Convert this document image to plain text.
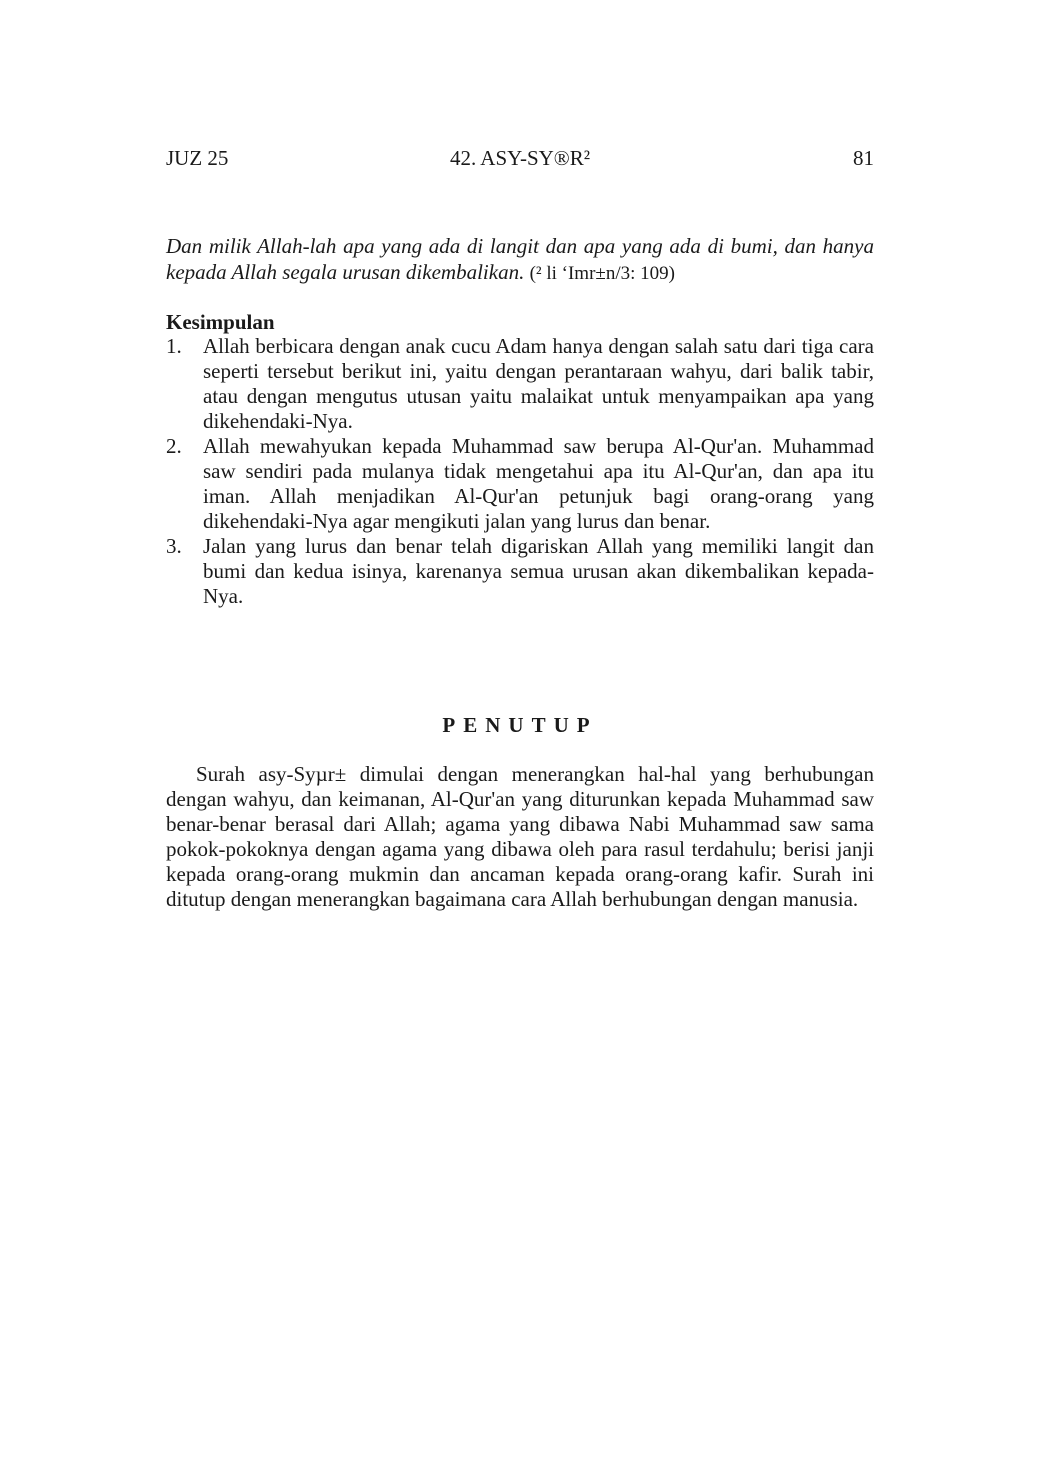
42. ASY-SY®R²
JUZ 25	81
Dan milik Allah-lah apa yang ada di langit dan apa yang ada di bumi, dan hanya kepada Allah segala urusan dikembalikan. (² li ‘Imr±n/3: 109)
Kesimpulan
1. Allah berbicara dengan anak cucu Adam hanya dengan salah satu dari tiga cara seperti tersebut berikut ini, yaitu dengan perantaraan wahyu, dari balik tabir, atau dengan mengutus utusan yaitu malaikat untuk menyampaikan apa yang dikehendaki-Nya.
2. Allah mewahyukan kepada Muhammad saw berupa Al-Qur'an. Muhammad saw sendiri pada mulanya tidak mengetahui apa itu Al-Qur'an, dan apa itu iman. Allah menjadikan Al-Qur'an petunjuk bagi orang-orang yang dikehendaki-Nya agar mengikuti jalan yang lurus dan benar.
3. Jalan yang lurus dan benar telah digariskan Allah yang memiliki langit dan bumi dan kedua isinya, karenanya semua urusan akan dikembalikan kepada-Nya.
PENUTUP

Surah asy-Syµr± dimulai dengan menerangkan hal-hal yang berhubungan dengan wahyu, dan keimanan, Al-Qur'an yang diturunkan kepada Muhammad saw benar-benar berasal dari Allah; agama yang dibawa Nabi Muhammad saw sama pokok-pokoknya dengan agama yang dibawa oleh para rasul terdahulu; berisi janji kepada orang-orang mukmin dan ancaman kepada orang-orang kafir. Surah ini ditutup dengan menerangkan bagaimana cara Allah berhubungan dengan manusia.
